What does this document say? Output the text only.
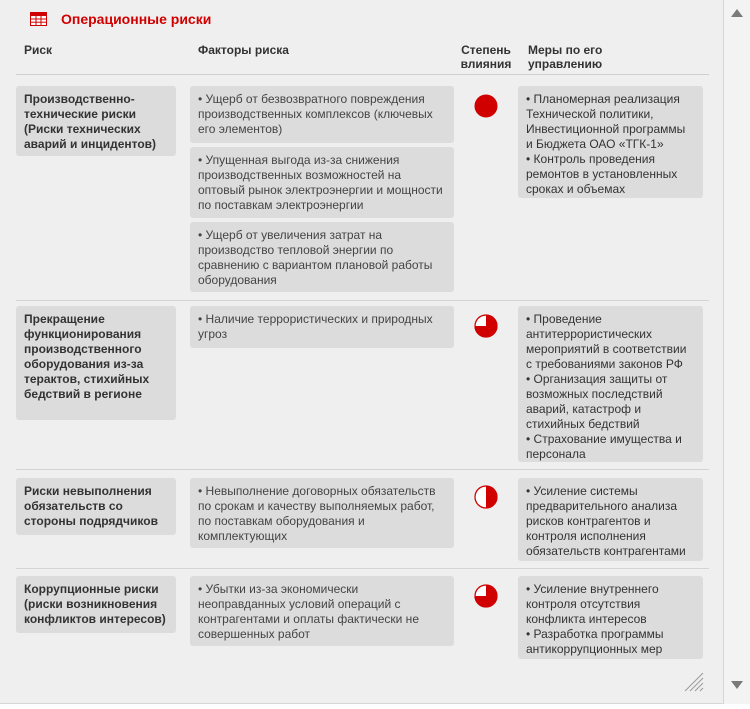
Операционные риски
Риск	Факторы риска	Степень
влияния
Меры по его
управлению
Производственно-технические риски (Риски технических аварий и инцидентов)
• Ущерб от безвозвратного повреждения производственных комплексов (ключевых его элементов)
• Упущенная выгода из-за снижения производственных возможностей на оптовый рынок электроэнергии и мощности по поставкам электроэнергии
• Ущерб от увеличения затрат на производство тепловой энергии по сравнению с вариантом плановой работы оборудования
• Планомерная реализация Технической политики, Инвестиционной программы и Бюджета ОАО «ТГК-1»
• Контроль проведения ремонтов в установленных сроках и объемах
Прекращение функционирования производственного оборудования из-за терактов, стихийных бедствий в регионе
• Наличие террористических и природных угроз
• Проведение антитеррористических мероприятий в соответствии с требованиями законов РФ
• Организация защиты от возможных последствий аварий, катастроф и стихийных бедствий
• Страхование имущества и персонала
Риски невыполнения обязательств со стороны подрядчиков
• Невыполнение договорных обязательств по срокам и качеству выполняемых работ, по поставкам оборудования и комплектующих
• Усиление системы предварительного анализа рисков контрагентов и контроля исполнения обязательств контрагентами
Коррупционные риски (риски возникновения конфликтов интересов)
• Убытки из-за экономически неоправданных условий операций с контрагентами и оплаты фактически не совершенных работ
• Усиление внутреннего контроля отсутствия конфликта интересов
• Разработка программы антикоррупционных мер
